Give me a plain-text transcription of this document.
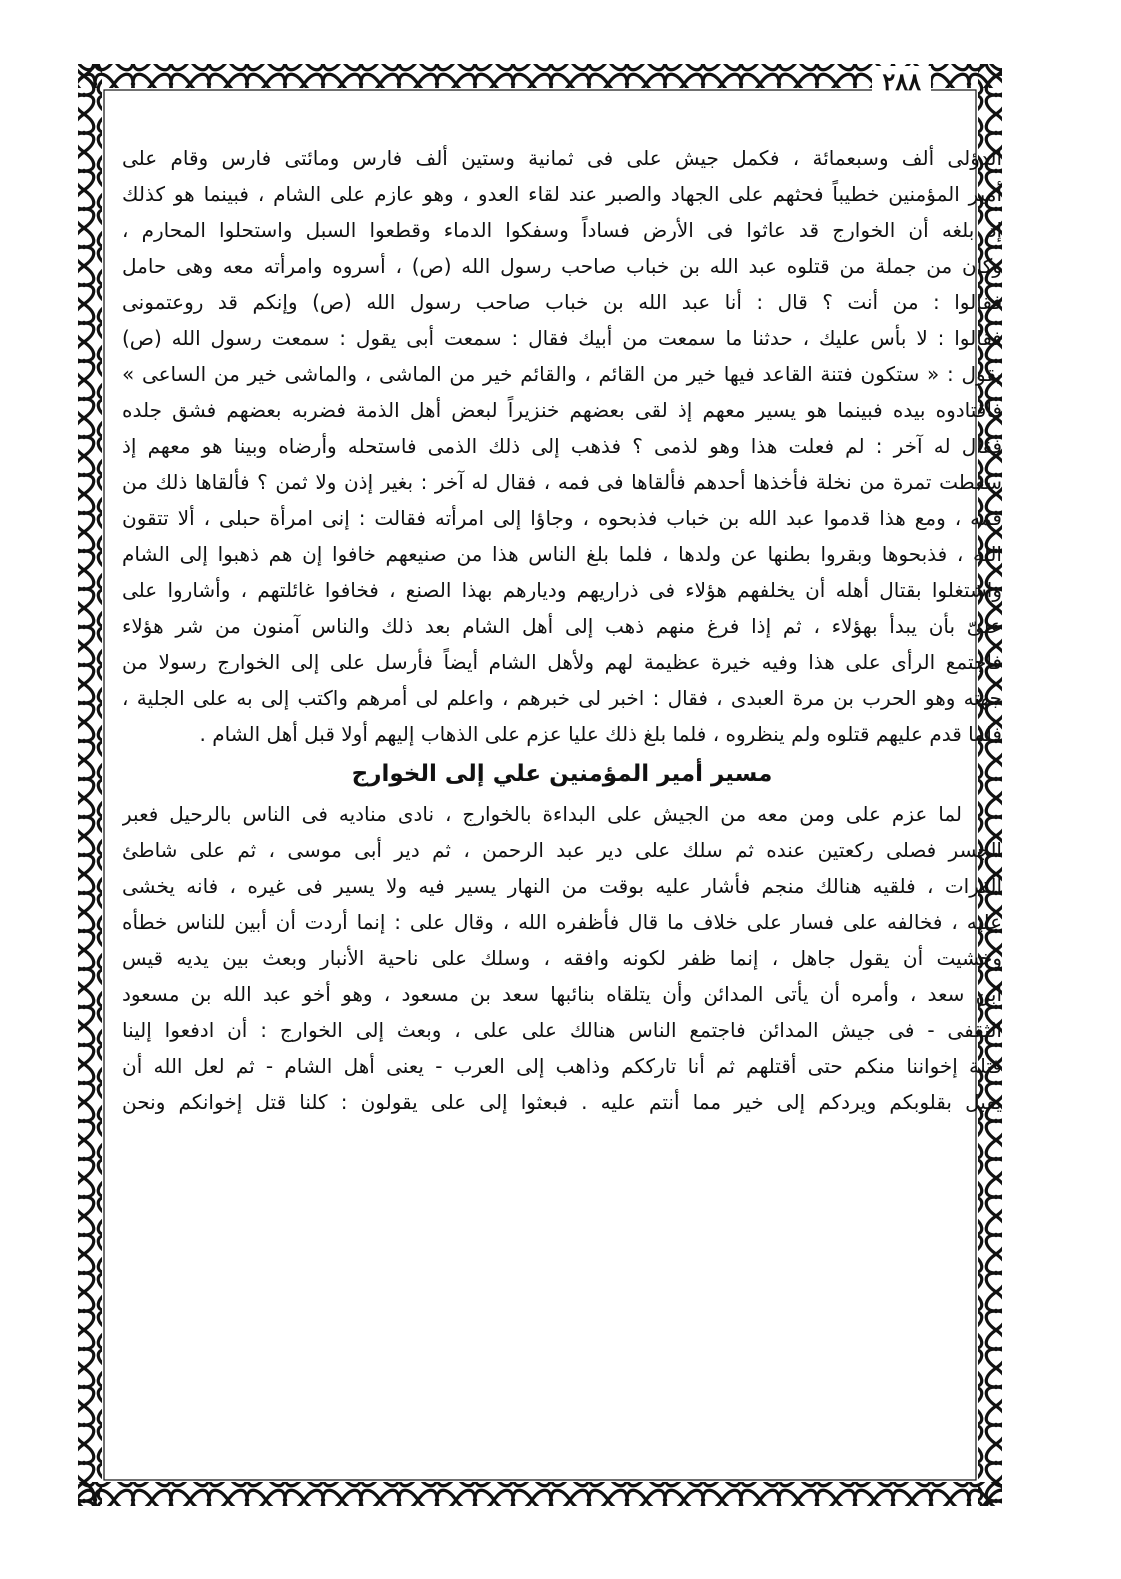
٢٨٨
الدؤلى ألف وسبعمائة ، فكمل جيش على فى ثمانية وستين ألف فارس ومائتى فارس وقام على
أمير المؤمنين خطيباً فحثهم على الجهاد والصبر عند لقاء العدو ، وهو عازم على الشام ، فبينما هو كذلك
إذ بلغه أن الخوارج قد عاثوا فى الأرض فساداً وسفكوا الدماء وقطعوا السبل واستحلوا المحارم ،
وكان من جملة من قتلوه عبد الله بن خباب صاحب رسول الله (ص) ، أسروه وامرأته معه وهى حامل
فقالوا : من أنت ؟ قال : أنا عبد الله بن خباب صاحب رسول الله (ص) وإنكم قد روعتمونى
فقالوا : لا بأس عليك ، حدثنا ما سمعت من أبيك فقال : سمعت أبى يقول : سمعت رسول الله (ص)
يقول : « ستكون فتنة القاعد فيها خير من القائم ، والقائم خير من الماشى ، والماشى خير من الساعى »
فاقتادوه بيده فبينما هو يسير معهم إذ لقى بعضهم خنزيراً لبعض أهل الذمة فضربه بعضهم فشق جلده
فقال له آخر : لم فعلت هذا وهو لذمى ؟ فذهب إلى ذلك الذمى فاستحله وأرضاه وبينا هو معهم إذ
سقطت تمرة من نخلة فأخذها أحدهم فألقاها فى فمه ، فقال له آخر : بغير إذن ولا ثمن ؟ فألقاها ذلك من
فمه ، ومع هذا قدموا عبد الله بن خباب فذبحوه ، وجاؤا إلى امرأته فقالت : إنى امرأة حبلى ، ألا تتقون
الله ، فذبحوها وبقروا بطنها عن ولدها ، فلما بلغ الناس هذا من صنيعهم خافوا إن هم ذهبوا إلى الشام
واشتغلوا بقتال أهله أن يخلفهم هؤلاء فى ذراريهم وديارهم بهذا الصنع ، فخافوا غائلتهم ، وأشاروا على
علىّ بأن يبدأ بهؤلاء ، ثم إذا فرغ منهم ذهب إلى أهل الشام بعد ذلك والناس آمنون من شر هؤلاء
فاجتمع الرأى على هذا وفيه خيرة عظيمة لهم ولأهل الشام أيضاً فأرسل على إلى الخوارج رسولا من
جهته وهو الحرب بن مرة العبدى ، فقال : اخبر لى خبرهم ، واعلم لى أمرهم واكتب إلى به على الجلية ،
فلما قدم عليهم قتلوه ولم ينظروه ، فلما بلغ ذلك عليا عزم على الذهاب إليهم أولا قبل أهل الشام .
مسير أمير المؤمنين علي إلى الخوارج
لما عزم على ومن معه من الجيش على البداءة بالخوارج ، نادى مناديه فى الناس بالرحيل فعبر
الجسر فصلى ركعتين عنده ثم سلك على دير عبد الرحمن ، ثم دير أبى موسى ، ثم على شاطئ
الفرات ، فلقيه هنالك منجم فأشار عليه بوقت من النهار يسير فيه ولا يسير فى غيره ، فانه يخشى
عليه ، فخالفه على فسار على خلاف ما قال فأظفره الله ، وقال على : إنما أردت أن أبين للناس خطأه
وخشيت أن يقول جاهل ، إنما ظفر لكونه وافقه ، وسلك على ناحية الأنبار وبعث بين يديه قيس
ابن سعد ، وأمره أن يأتى المدائن وأن يتلقاه بنائبها سعد بن مسعود ، وهو أخو عبد الله بن مسعود
الثقفى - فى جيش المدائن فاجتمع الناس هنالك على على ، وبعث إلى الخوارج : أن ادفعوا إلينا
قتلة إخواننا منكم حتى أقتلهم ثم أنا تارككم وذاهب إلى العرب - يعنى أهل الشام - ثم لعل الله أن
يقبل بقلوبكم ويردكم إلى خير مما أنتم عليه . فبعثوا إلى على يقولون : كلنا قتل إخوانكم ونحن
